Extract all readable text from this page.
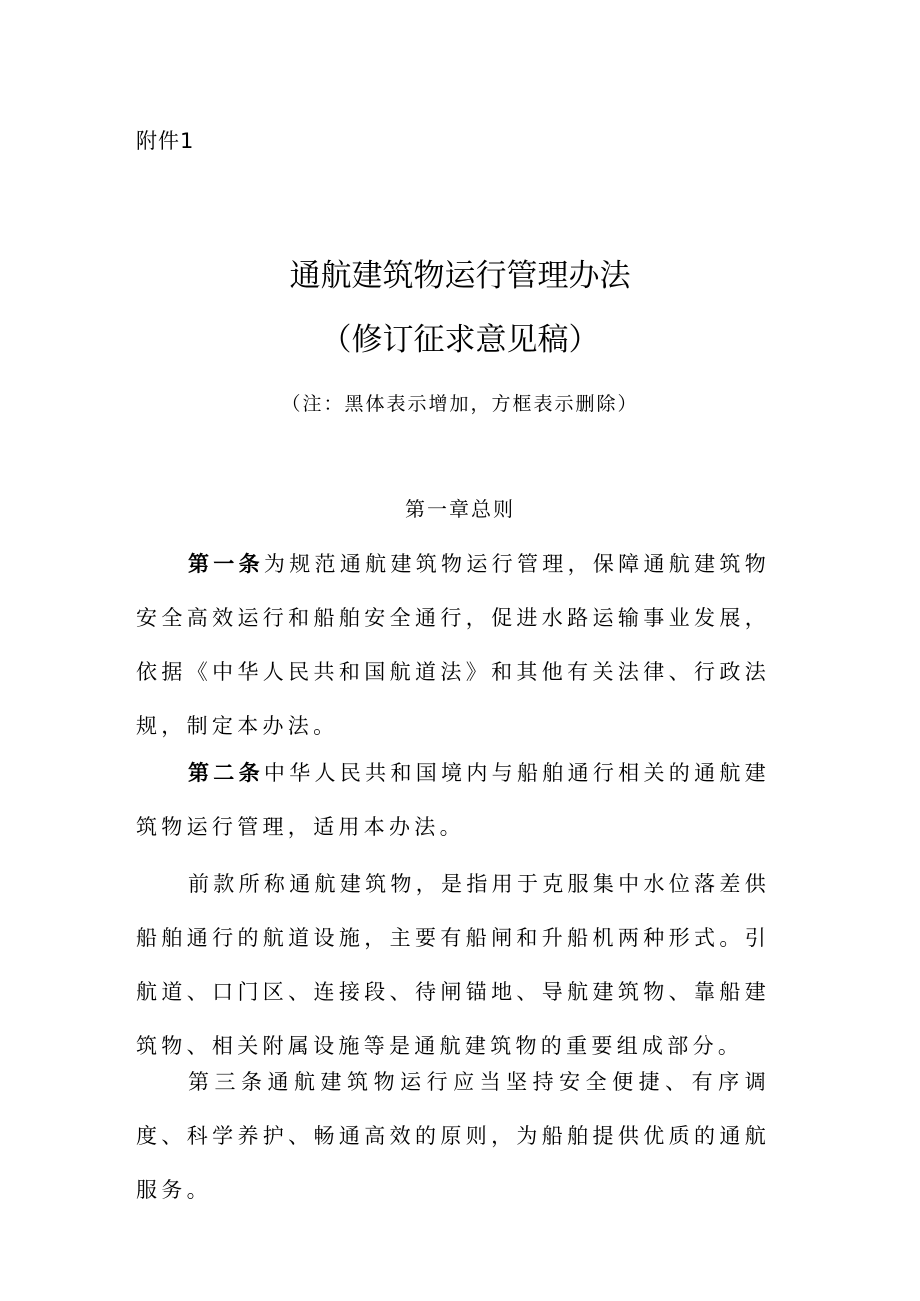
附件1
通航建筑物运行管理办法
（修订征求意见稿）
（注：黑体表示增加，方框表示删除）
第一章总则

第一条为规范通航建筑物运行管理，保障通航建筑物安全高效运行和船舶安全通行，促进水路运输事业发展，依据《中华人民共和国航道法》和其他有关法律、行政法规，制定本办法。

第二条中华人民共和国境内与船舶通行相关的通航建筑物运行管理，适用本办法。

前款所称通航建筑物，是指用于克服集中水位落差供船舶通行的航道设施，主要有船闸和升船机两种形式。引航道、口门区、连接段、待闸锚地、导航建筑物、靠船建筑物、相关附属设施等是通航建筑物的重要组成部分。

第三条通航建筑物运行应当坚持安全便捷、有序调度、科学养护、畅通高效的原则，为船舶提供优质的通航服务。
